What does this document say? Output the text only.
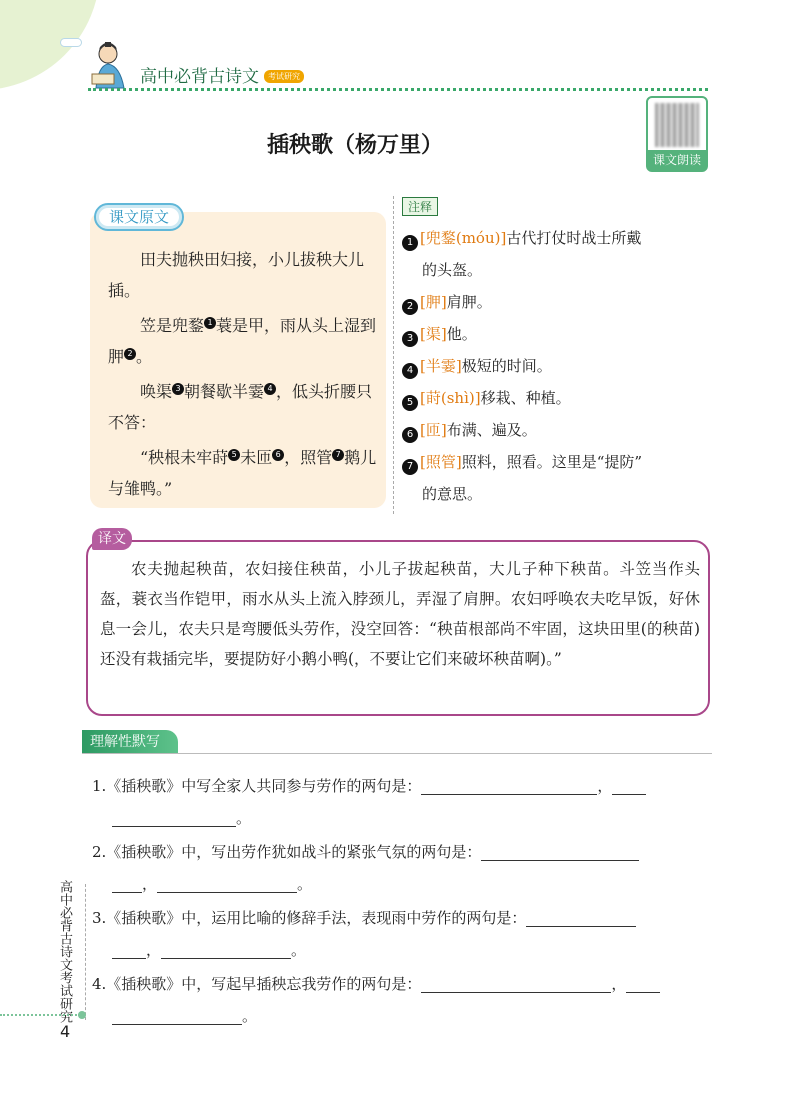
高中必背古诗文	考试研究
课文朗读
插秧歌（杨万里）
课文原文

田夫抛秧田妇接，小儿拔秧大儿插。

笠是兜鍪 1 蓑是甲，雨从头上湿到胛 2 。

唤渠 3 朝餐歇半霎 4 ，低头折腰只不答：

“秧根未牢莳 5 未匝 6 ，照管 7 鹅儿与雏鸭。”

注释
1 [兜鍪(móu)]古代打仗时战士所戴
的头盔。
2 [胛]肩胛。
3 [渠]他。
4 [半霎]极短的时间。
5 [莳(shì)]移栽、种植。
6 [匝]布满、遍及。
7 [照管]照料，照看。这里是“提防”
的意思。
译文
农夫抛起秧苗，农妇接住秧苗，小儿子拔起秧苗，大儿子种下秧苗。斗笠当作头盔，蓑衣当作铠甲，雨水从头上流入脖颈儿，弄湿了肩胛。农妇呼唤农夫吃早饭，好休息一会儿，农夫只是弯腰低头劳作，没空回答：“秧苗根部尚不牢固，这块田里(的秧苗)还没有栽插完毕，要提防好小鹅小鸭(，不要让它们来破坏秧苗啊)。”
理解性默写
1.《插秧歌》中写全家人共同参与劳作的两句是：	，
。
2.《插秧歌》中，写出劳作犹如战斗的紧张气氛的两句是：
，	。
3.《插秧歌》中，运用比喻的修辞手法，表现雨中劳作的两句是：
，	。
4.《插秧歌》中，写起早插秧忘我劳作的两句是：	，
。
高中必背古诗文考试研究
4
